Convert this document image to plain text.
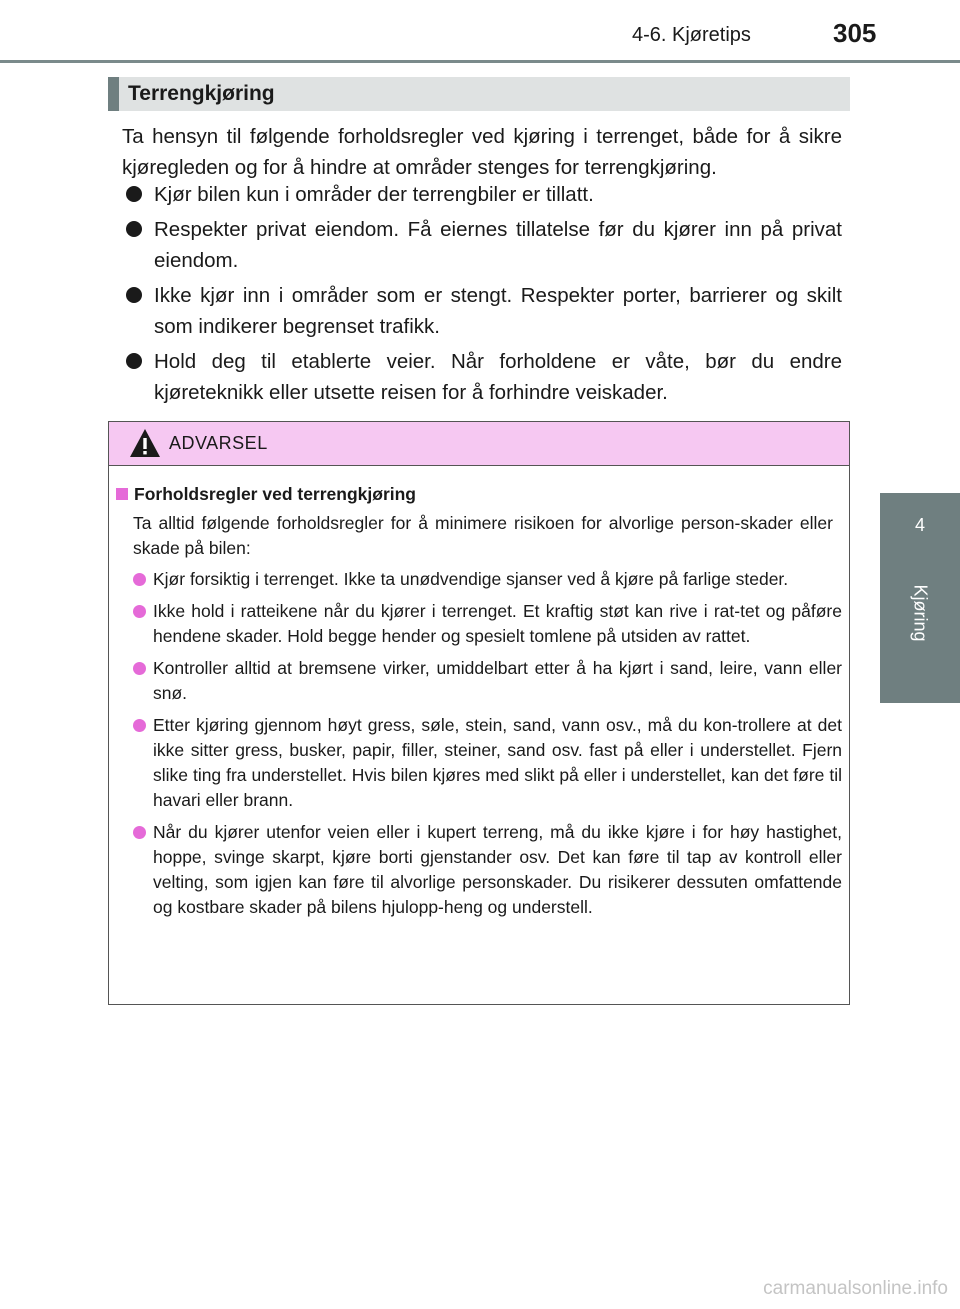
4-6. Kjøretips	305
4
Kjøring
Terrengkjøring
Ta hensyn til følgende forholdsregler ved kjøring i terrenget, både for å sikre kjøregleden og for å hindre at områder stenges for terrengkjøring.
Kjør bilen kun i områder der terrengbiler er tillatt.
Respekter privat eiendom. Få eiernes tillatelse før du kjører inn på privat eiendom.
Ikke kjør inn i områder som er stengt. Respekter porter, barrierer og skilt som indikerer begrenset trafikk.
Hold deg til etablerte veier. Når forholdene er våte, bør du endre kjøreteknikk eller utsette reisen for å forhindre veiskader.
ADVARSEL
Forholdsregler ved terrengkjøring
Ta alltid følgende forholdsregler for å minimere risikoen for alvorlige person-skader eller skade på bilen:
Kjør forsiktig i terrenget. Ikke ta unødvendige sjanser ved å kjøre på farlige steder.
Ikke hold i ratteikene når du kjører i terrenget. Et kraftig støt kan rive i rat-tet og påføre hendene skader. Hold begge hender og spesielt tomlene på utsiden av rattet.
Kontroller alltid at bremsene virker, umiddelbart etter å ha kjørt i sand, leire, vann eller snø.
Etter kjøring gjennom høyt gress, søle, stein, sand, vann osv., må du kon-trollere at det ikke sitter gress, busker, papir, filler, steiner, sand osv. fast på eller i understellet. Fjern slike ting fra understellet. Hvis bilen kjøres med slikt på eller i understellet, kan det føre til havari eller brann.
Når du kjører utenfor veien eller i kupert terreng, må du ikke kjøre i for høy hastighet, hoppe, svinge skarpt, kjøre borti gjenstander osv. Det kan føre til tap av kontroll eller velting, som igjen kan føre til alvorlige personskader. Du risikerer dessuten omfattende og kostbare skader på bilens hjulopp-heng og understell.
carmanualsonline.info
